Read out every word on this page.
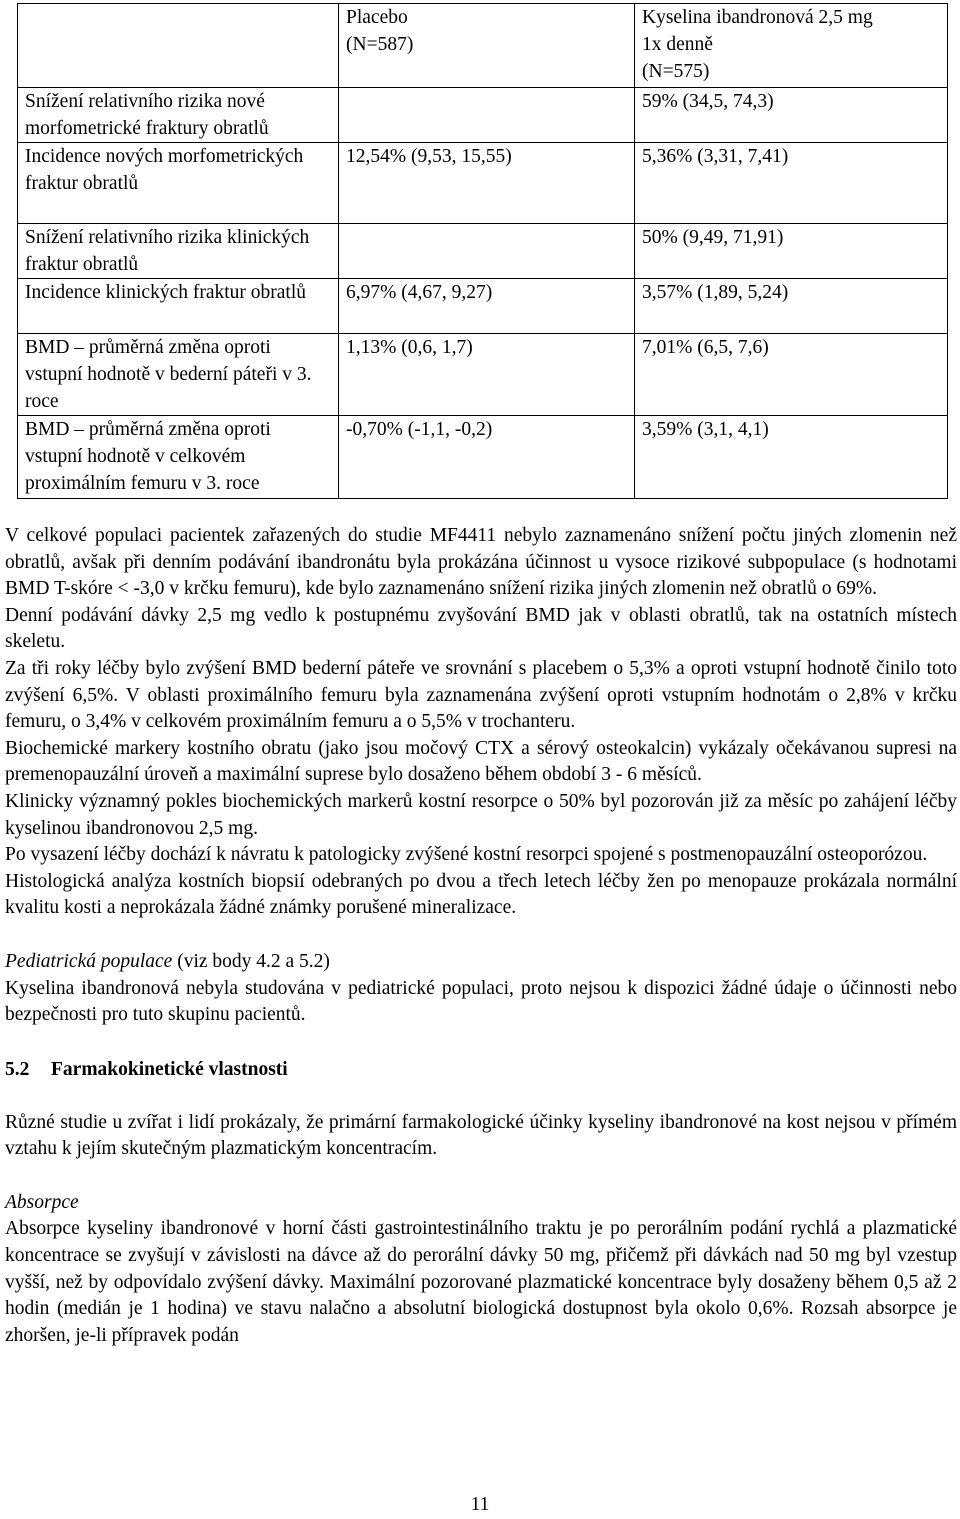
	Placebo
(N=587)	Kyselina ibandronová 2,5 mg
1x denně
(N=575)
Snížení relativního rizika nové morfometrické fraktury obratlů		59% (34,5, 74,3)
Incidence nových morfometrických fraktur obratlů	12,54% (9,53, 15,55)	5,36% (3,31, 7,41)
Snížení relativního rizika klinických fraktur obratlů		50% (9,49, 71,91)
Incidence klinických fraktur obratlů	6,97% (4,67, 9,27)	3,57% (1,89, 5,24)
BMD – průměrná změna oproti vstupní hodnotě v bederní páteři v 3. roce	1,13% (0,6, 1,7)	7,01% (6,5, 7,6)
BMD – průměrná změna oproti vstupní hodnotě v celkovém proximálním femuru v 3. roce	-0,70% (-1,1, -0,2)	3,59% (3,1, 4,1)

V celkové populaci pacientek zařazených do studie MF4411 nebylo zaznamenáno snížení počtu jiných zlomenin než obratlů, avšak při denním podávání ibandronátu byla prokázána účinnost u vysoce rizikové subpopulace (s hodnotami BMD T-skóre < -3,0 v krčku femuru), kde bylo zaznamenáno snížení rizika jiných zlomenin než obratlů o 69%.

Denní podávání dávky 2,5 mg vedlo k postupnému zvyšování BMD jak v oblasti obratlů, tak na ostatních místech skeletu.

Za tři roky léčby bylo zvýšení BMD bederní páteře ve srovnání s placebem o 5,3% a oproti vstupní hodnotě činilo toto zvýšení 6,5%. V oblasti proximálního femuru byla zaznamenána zvýšení oproti vstupním hodnotám o 2,8% v krčku femuru, o 3,4% v celkovém proximálním femuru a o 5,5% v trochanteru.

Biochemické markery kostního obratu (jako jsou močový CTX a sérový osteokalcin) vykázaly očekávanou supresi na premenopauzální úroveň a maximální suprese bylo dosaženo během období 3 - 6 měsíců.

Klinicky významný pokles biochemických markerů kostní resorpce o 50% byl pozorován již za měsíc po zahájení léčby kyselinou ibandronovou 2,5 mg.

Po vysazení léčby dochází k návratu k patologicky zvýšené kostní resorpci spojené s postmenopauzální osteoporózou.

Histologická analýza kostních biopsií odebraných po dvou a třech letech léčby žen po menopauze prokázala normální kvalitu kosti a neprokázala žádné známky porušené mineralizace.

Pediatrická populace (viz body 4.2 a 5.2)

Kyselina ibandronová nebyla studována v pediatrické populaci, proto nejsou k dispozici žádné údaje o účinnosti nebo bezpečnosti pro tuto skupinu pacientů.

5.2 Farmakokinetické vlastnosti

Různé studie u zvířat i lidí prokázaly, že primární farmakologické účinky kyseliny ibandronové na kost nejsou v přímém vztahu k jejím skutečným plazmatickým koncentracím.

Absorpce

Absorpce kyseliny ibandronové v horní části gastrointestinálního traktu je po perorálním podání rychlá a plazmatické koncentrace se zvyšují v závislosti na dávce až do perorální dávky 50 mg, přičemž při dávkách nad 50 mg byl vzestup vyšší, než by odpovídalo zvýšení dávky. Maximální pozorované plazmatické koncentrace byly dosaženy během 0,5 až 2 hodin (medián je 1 hodina) ve stavu nalačno a absolutní biologická dostupnost byla okolo 0,6%. Rozsah absorpce je zhoršen, je-li přípravek podán

11
